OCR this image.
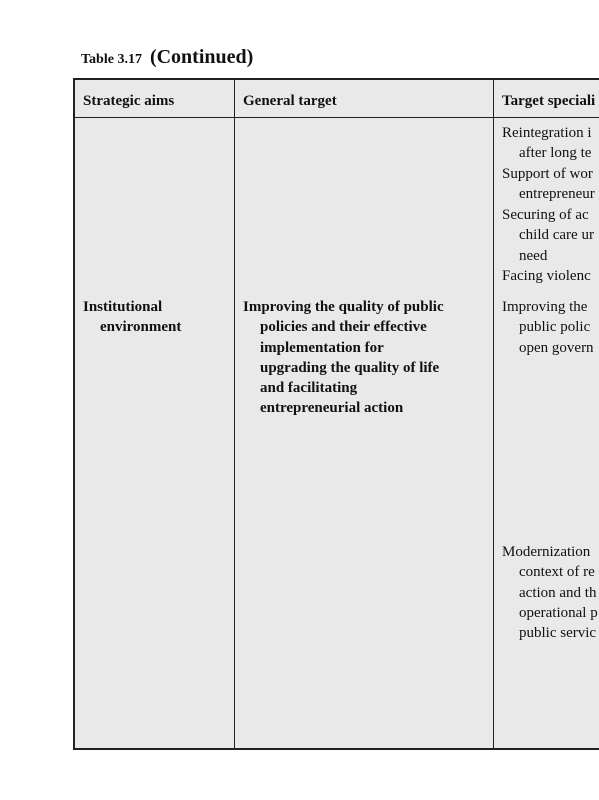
Table 3.17 (Continued)
Strategic aims	General target	Target speciali
Reintegration i
after long te
Support of wor
entrepreneur
Securing of ac
child care ur
need
Facing violenc
Institutional
environment
Improving the quality of public
policies and their effective
implementation for
upgrading the quality of life
and facilitating
entrepreneurial action
Improving the
public polic
open govern
Modernization
context of re
action and th
operational p
public servic
